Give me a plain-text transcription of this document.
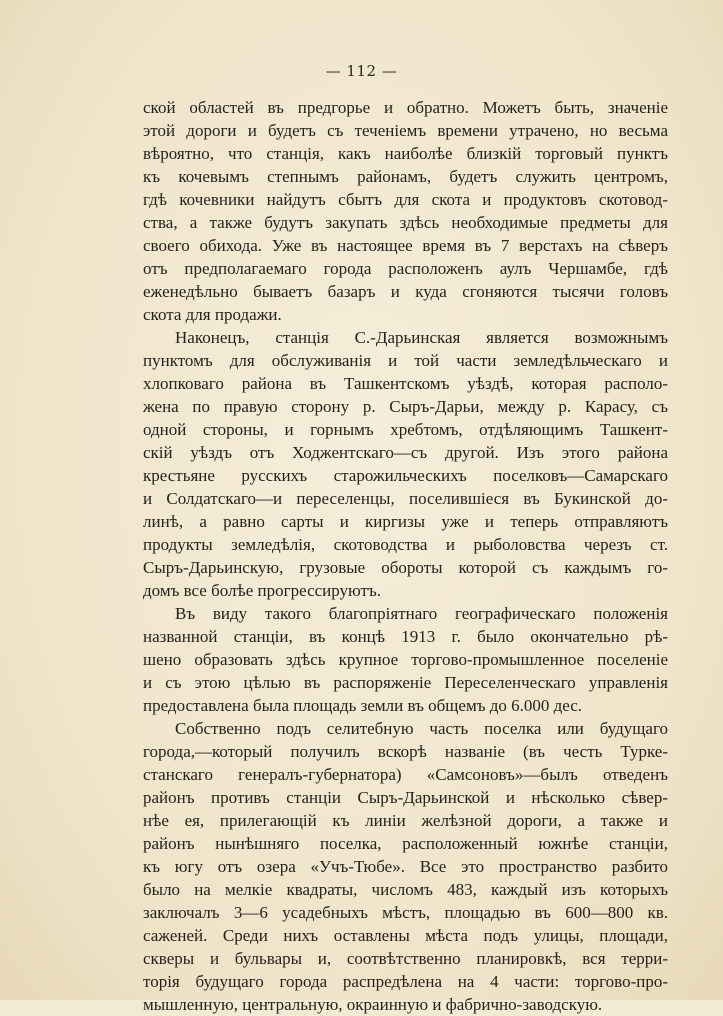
— 112 —
ской областей въ предгорье и обратно. Можетъ быть, значеніе
этой дороги и будетъ съ теченіемъ времени утрачено, но весьма
вѣроятно, что станція, какъ наиболѣе близкій торговый пунктъ
къ кочевымъ степнымъ районамъ, будетъ служить центромъ,
гдѣ кочевники найдутъ сбытъ для скота и продуктовъ скотовод-
ства, а также будутъ закупать здѣсь необходимые предметы для
своего обихода. Уже въ настоящее время въ 7 верстахъ на сѣверъ
отъ предполагаемаго города расположенъ аулъ Чершамбе, гдѣ
еженедѣльно бываетъ базаръ и куда сгоняются тысячи головъ
скота для продажи.
Наконецъ, станція С.-Дарьинская является возможнымъ
пунктомъ для обслуживанія и той части земледѣльческаго и
хлопковаго района въ Ташкентскомъ уѣздѣ, которая располо-
жена по правую сторону р. Сыръ-Дарьи, между р. Карасу, съ
одной стороны, и горнымъ хребтомъ, отдѣляющимъ Ташкент-
скій уѣздъ отъ Ходжентскаго—съ другой. Изъ этого района
крестьяне русскихъ старожильческихъ поселковъ—Самарскаго
и Солдатскаго—и переселенцы, поселившіеся въ Букинской до-
линѣ, а равно сарты и киргизы уже и теперь отправляютъ
продукты земледѣлія, скотоводства и рыболовства черезъ ст.
Сыръ-Дарьинскую, грузовые обороты которой съ каждымъ го-
домъ все болѣе прогрессируютъ.
Въ виду такого благопріятнаго географическаго положенія
названной станціи, въ концѣ 1913 г. было окончательно рѣ-
шено образовать здѣсь крупное торгово-промышленное поселеніе
и съ этою цѣлью въ распоряженіе Переселенческаго управленія
предоставлена была площадь земли въ общемъ до 6.000 дес.
Собственно подъ селитебную часть поселка или будущаго
города,—который получилъ вскорѣ названіе (въ честь Турке-
станскаго генералъ-губернатора) «Самсоновъ»—былъ отведенъ
районъ противъ станціи Сыръ-Дарьинской и нѣсколько сѣвер-
нѣе ея, прилегающій къ линіи желѣзной дороги, а также и
районъ нынѣшняго поселка, расположенный южнѣе станціи,
къ югу отъ озера «Учъ-Тюбе». Все это пространство разбито
было на мелкіе квадраты, числомъ 483, каждый изъ которыхъ
заключалъ 3—6 усадебныхъ мѣстъ, площадью въ 600—800 кв.
саженей. Среди нихъ оставлены мѣста подъ улицы, площади,
скверы и бульвары и, соотвѣтственно планировкѣ, вся терри-
торія будущаго города распредѣлена на 4 части: торгово-про-
мышленную, центральную, окраинную и фабрично-заводскую.
